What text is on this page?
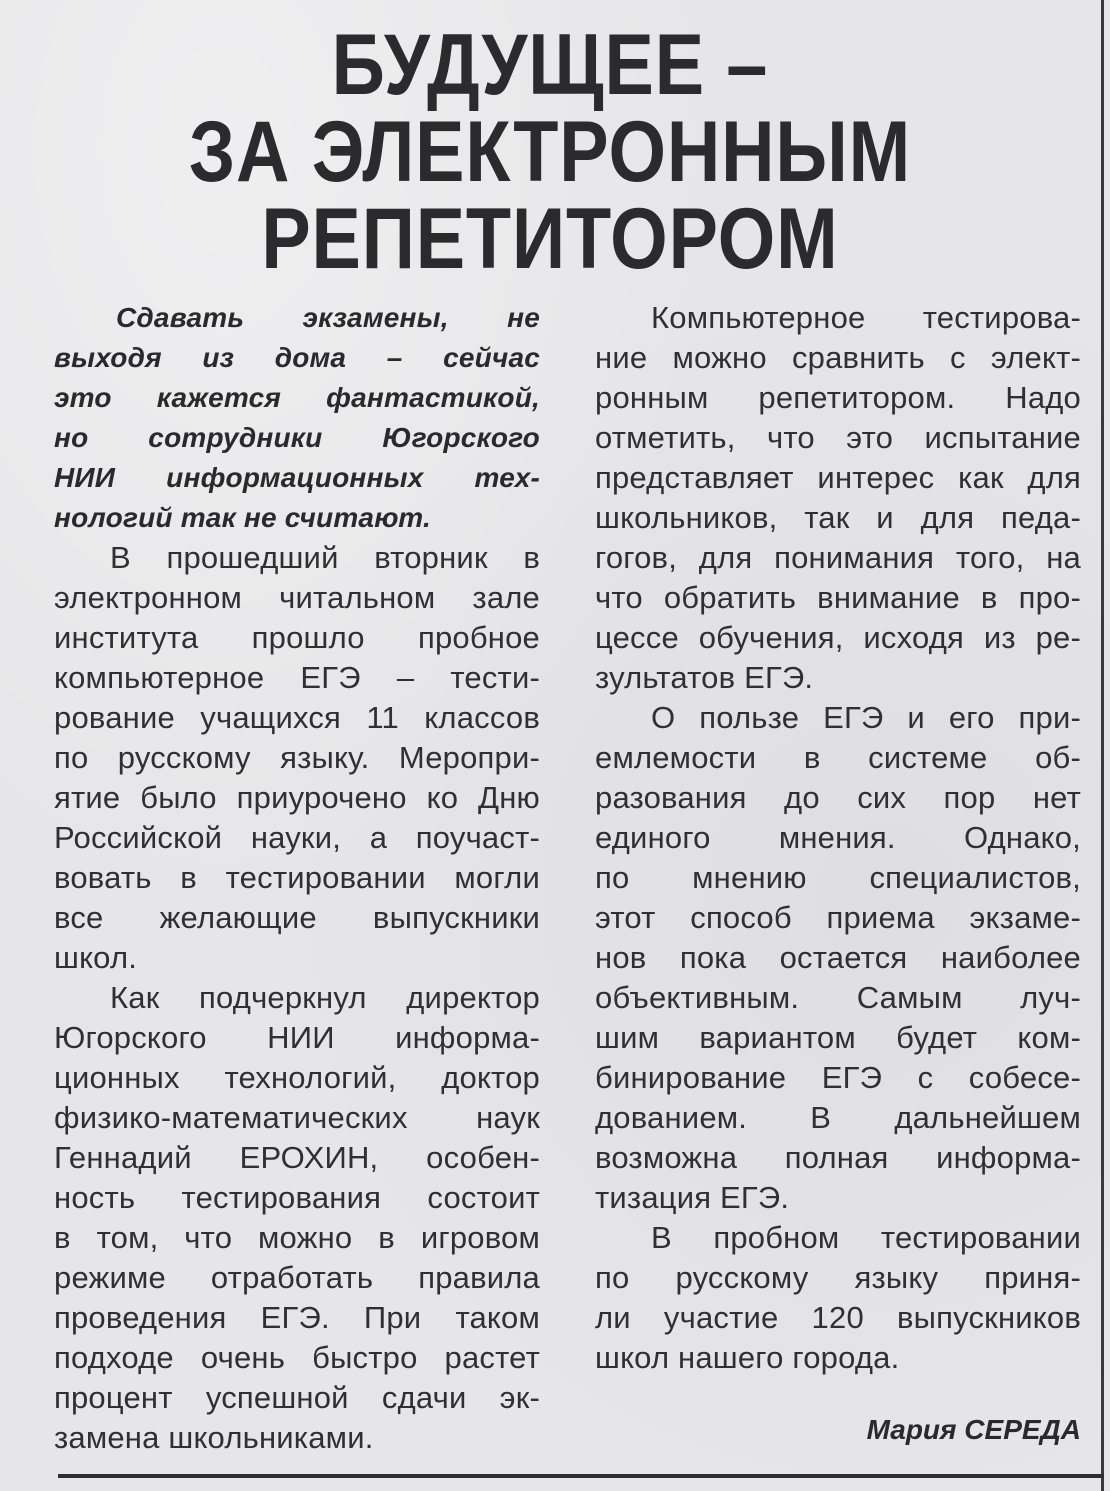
БУДУЩЕЕ –
ЗА ЭЛЕКТРОННЫМ
РЕПЕТИТОРОМ
Сдавать экзамены, не
выходя из дома – сейчас
это кажется фантастикой,
но сотрудники Югорского
НИИ информационных тех-
нологий так не считают.
В прошедший вторник в
электронном читальном зале
института прошло пробное
компьютерное ЕГЭ – тести-
рование учащихся 11 классов
по русскому языку. Меропри-
ятие было приурочено ко Дню
Российской науки, а поучаст-
вовать в тестировании могли
все желающие выпускники
школ.
Как подчеркнул директор
Югорского НИИ информа-
ционных технологий, доктор
физико-математических наук
Геннадий ЕРОХИН, особен-
ность тестирования состоит
в том, что можно в игровом
режиме отработать правила
проведения ЕГЭ. При таком
подходе очень быстро растет
процент успешной сдачи эк-
замена школьниками.
Компьютерное тестирова-
ние можно сравнить с элект-
ронным репетитором. Надо
отметить, что это испытание
представляет интерес как для
школьников, так и для педа-
гогов, для понимания того, на
что обратить внимание в про-
цессе обучения, исходя из ре-
зультатов ЕГЭ.
О пользе ЕГЭ и его при-
емлемости в системе об-
разования до сих пор нет
единого мнения. Однако,
по мнению специалистов,
этот способ приема экзаме-
нов пока остается наиболее
объективным. Самым луч-
шим вариантом будет ком-
бинирование ЕГЭ с собесе-
дованием. В дальнейшем
возможна полная информа-
тизация ЕГЭ.
В пробном тестировании
по русскому языку приня-
ли участие 120 выпускников
школ нашего города.
Мария СЕРЕДА
